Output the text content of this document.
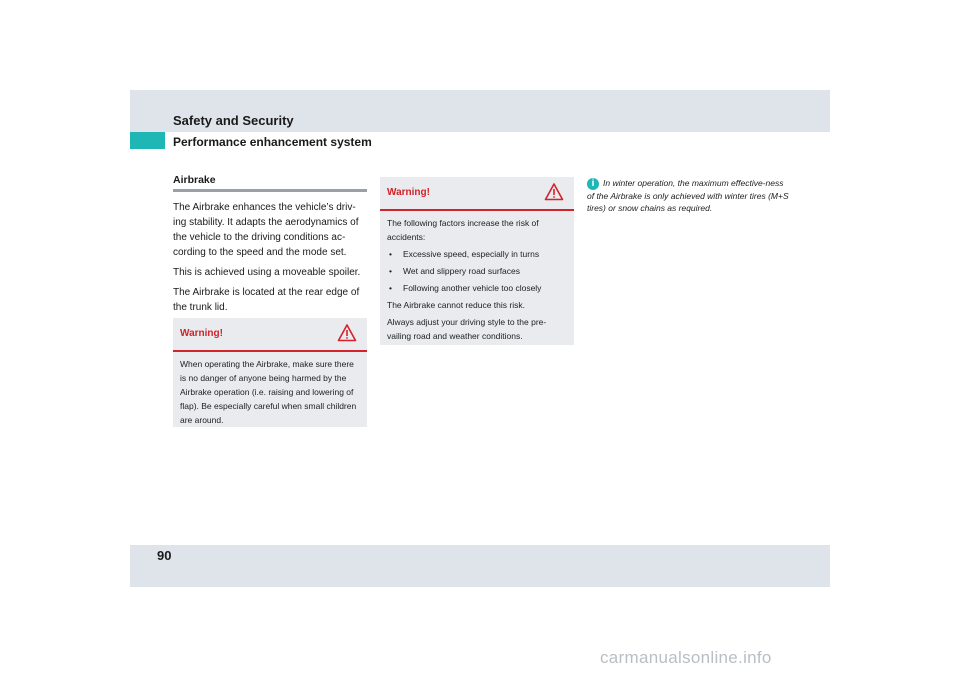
Safety and Security
Performance enhancement system
Airbrake

The Airbrake enhances the vehicle’s driv-ing stability. It adapts the aerodynamics of the vehicle to the driving conditions ac-cording to the speed and the mode set.

This is achieved using a moveable spoiler.

The Airbrake is located at the rear edge of the trunk lid.

Warning!

When operating the Airbrake, make sure there is no danger of anyone being harmed by the Airbrake operation (i.e. raising and lowering of flap). Be especially careful when small children are around.

Warning!

The following factors increase the risk of accidents:

• Excessive speed, especially in turns
• Wet and slippery road surfaces
• Following another vehicle too closely

The Airbrake cannot reduce this risk.

Always adjust your driving style to the pre-vailing road and weather conditions.

i In winter operation, the maximum effective-ness of the Airbrake is only achieved with winter tires (M+S tires) or snow chains as required.
90
carmanualsonline.info
